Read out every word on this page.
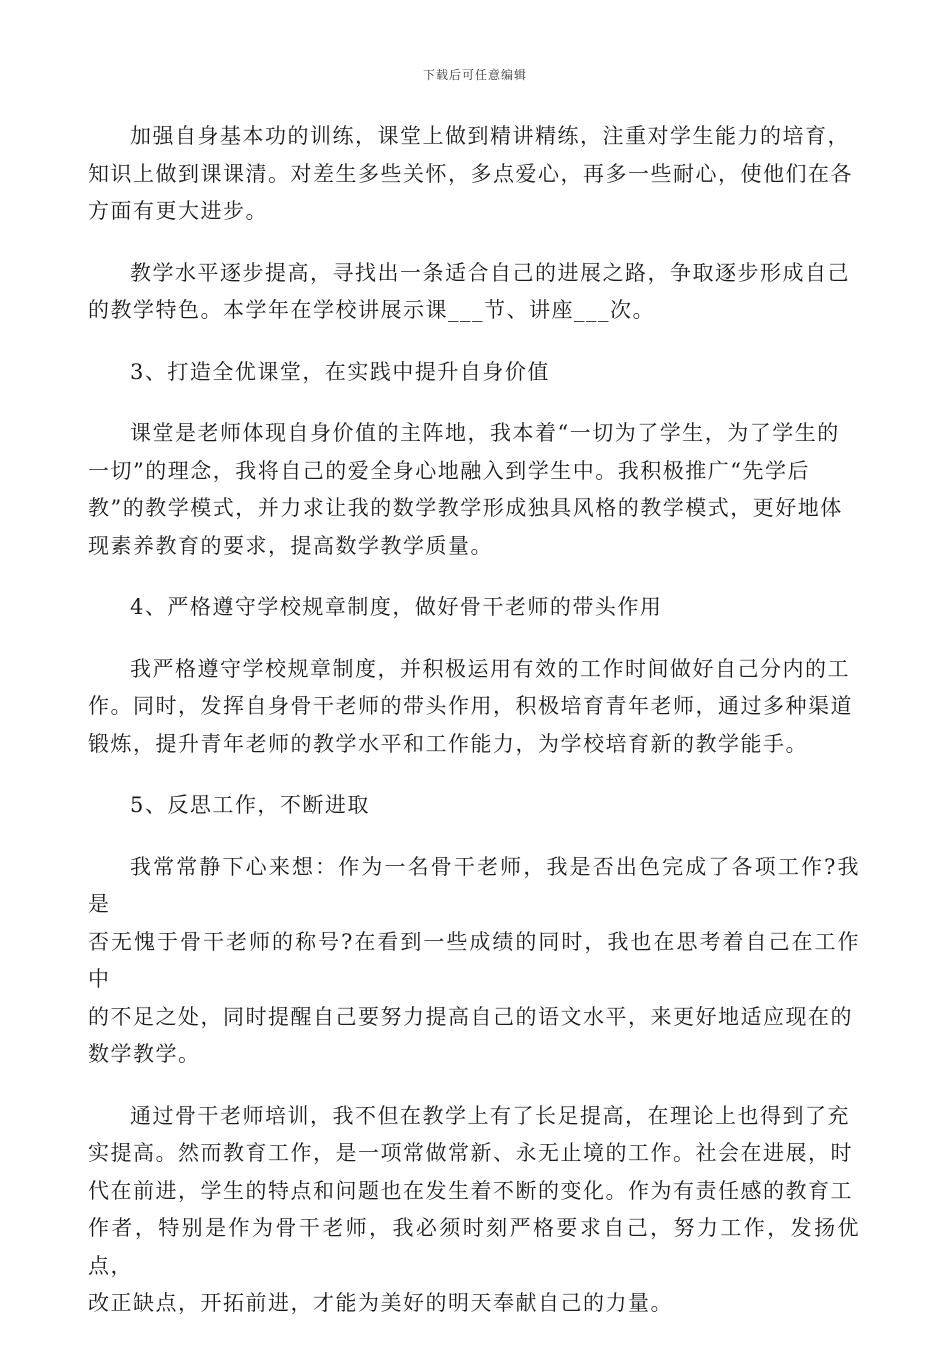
下载后可任意编辑
加强自身基本功的训练，课堂上做到精讲精练，注重对学生能力的培育，
知识上做到课课清。对差生多些关怀，多点爱心，再多一些耐心，使他们在各
方面有更大进步。
教学水平逐步提高，寻找出一条适合自己的进展之路，争取逐步形成自己
的教学特色。本学年在学校讲展示课___节、讲座___次。
3、打造全优课堂，在实践中提升自身价值
课堂是老师体现自身价值的主阵地，我本着“一切为了学生，为了学生的
一切”的理念，我将自己的爱全身心地融入到学生中。我积极推广“先学后
教”的教学模式，并力求让我的数学教学形成独具风格的教学模式，更好地体
现素养教育的要求，提高数学教学质量。
4、严格遵守学校规章制度，做好骨干老师的带头作用
我严格遵守学校规章制度，并积极运用有效的工作时间做好自己分内的工
作。同时，发挥自身骨干老师的带头作用，积极培育青年老师，通过多种渠道
锻炼，提升青年老师的教学水平和工作能力，为学校培育新的教学能手。
5、反思工作，不断进取
我常常静下心来想：作为一名骨干老师，我是否出色完成了各项工作?我是
否无愧于骨干老师的称号?在看到一些成绩的同时，我也在思考着自己在工作中
的不足之处，同时提醒自己要努力提高自己的语文水平，来更好地适应现在的
数学教学。
通过骨干老师培训，我不但在教学上有了长足提高，在理论上也得到了充
实提高。然而教育工作，是一项常做常新、永无止境的工作。社会在进展，时
代在前进，学生的特点和问题也在发生着不断的变化。作为有责任感的教育工
作者，特别是作为骨干老师，我必须时刻严格要求自己，努力工作，发扬优点，
改正缺点，开拓前进，才能为美好的明天奉献自己的力量。
